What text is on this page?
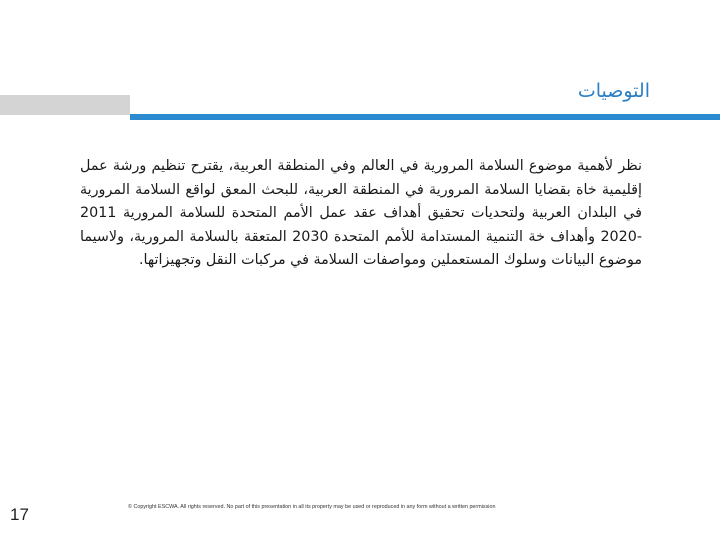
التوصيات
نظر لأهمية موضوع السلامة المرورية في العالم وفي المنطقة العربية، يقترح تنظيم ورشة عمل إقليمية خاة بقضايا السلامة المرورية في المنطقة العربية، للبحث المعق لواقع السلامة المرورية في البلدان العربية ولتحديات تحقيق أهداف عقد عمل الأمم المتحدة للسلامة المرورية 2011 -2020 وأهداف خة التنمية المستدامة للأمم المتحدة 2030 المتعقة بالسلامة المرورية، ولاسيما موضوع البيانات وسلوك المستعملين ومواصفات السلامة في مركبات النقل وتجهيزاتها.
17	© Copyright ESCWA. All rights reserved. No part of this presentation in all its property may be used or reproduced in any form without a written permission
